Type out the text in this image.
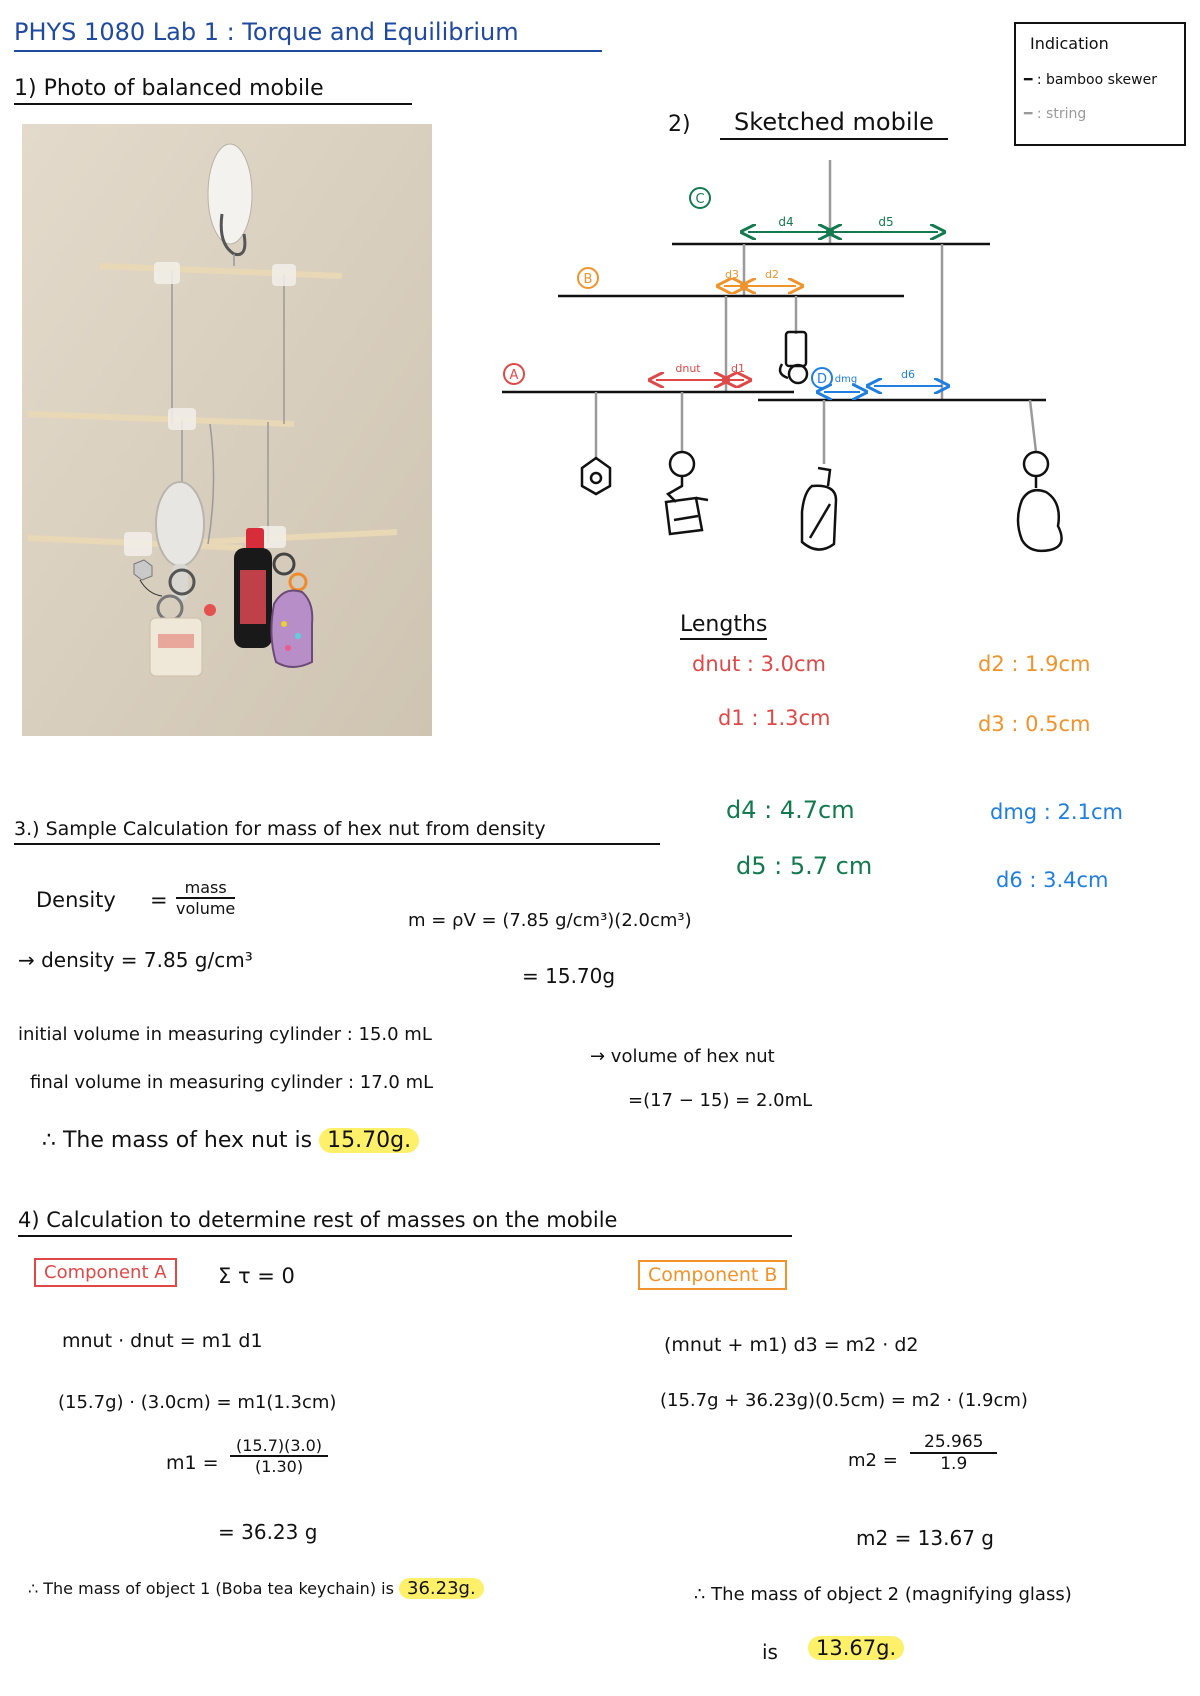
PHYS 1080 Lab 1 : Torque and Equilibrium
1) Photo of balanced mobile
2)	Sketched mobile
Indication
━ : bamboo skewer
━ : string
C
d4	d5
B	d3 d2
A	dnut	d1
D dmg	d6
Lengths
dnut : 3.0cm
d1 : 1.3cm
d2 : 1.9cm
d3 : 0.5cm
d4 : 4.7cm
d5 : 5.7 cm
dmg : 2.1cm
d6 : 3.4cm
3.) Sample Calculation for mass of hex nut from density
Density =
mass
volume
→ density = 7.85 g/cm³
m = ρV = (7.85 g/cm³)(2.0cm³)
= 15.70g
initial volume in measuring cylinder : 15.0 mL
final volume in measuring cylinder : 17.0 mL
→ volume of hex nut
=(17 − 15) = 2.0mL
∴ The mass of hex nut is 15.70g.
4) Calculation to determine rest of masses on the mobile
Component A	Σ τ = 0
mnut · dnut = m1 d1
(15.7g) · (3.0cm) = m1(1.3cm)
$m1 = \frac{(15.7)(3.0)}{(1.30)}$
= 36.23 g
∴ The mass of object 1 (Boba tea keychain) is 36.23g.
Component B
(mnut + m1) d3 = m2 · d2
(15.7g + 36.23g)(0.5cm) = m2 · (1.9cm)
$m2 = \frac{25.965}{1.9}$
m2 = 13.67 g
∴ The mass of object 2 (magnifying glass)
is	13.67g.
